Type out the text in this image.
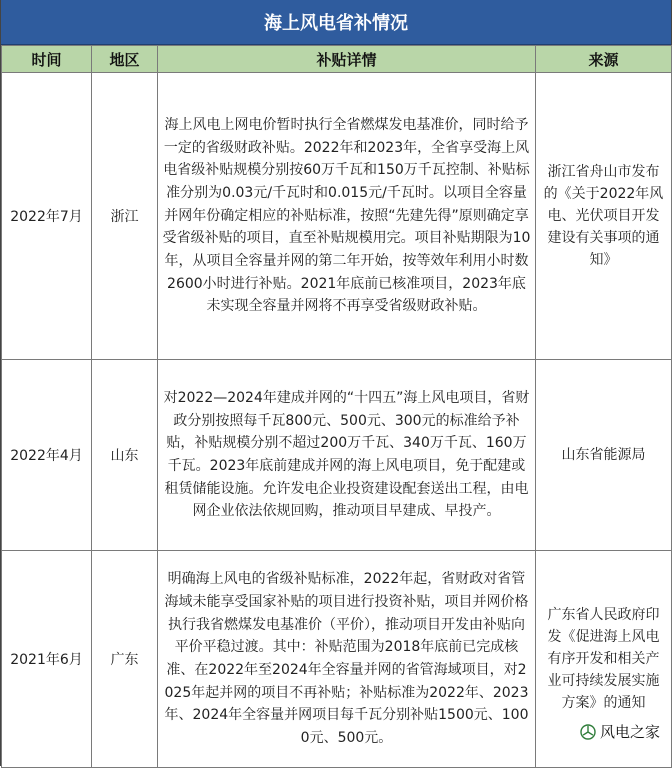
海上风电省补情况
时间	地区	补贴详情	来源
2022年7月	浙江	海上风电上网电价暂时执行全省燃煤发电基准价，同时给予一定的省级财政补贴。2022年和2023年，全省享受海上风电省级补贴规模分别按60万千瓦和150万千瓦控制、补贴标准分别为0.03元/千瓦时和0.015元/千瓦时。以项目全容量并网年份确定相应的补贴标准，按照“先建先得”原则确定享受省级补贴的项目，直至补贴规模用完。项目补贴期限为10年，从项目全容量并网的第二年开始，按等效年利用小时数2600小时进行补贴。2021年底前已核准项目，2023年底未实现全容量并网将不再享受省级财政补贴。	浙江省舟山市发布的《关于2022年风电、光伏项目开发建设有关事项的通知》
2022年4月	山东	对2022—2024年建成并网的“十四五”海上风电项目，省财政分别按照每千瓦800元、500元、300元的标准给予补贴，补贴规模分别不超过200万千瓦、340万千瓦、160万千瓦。2023年底前建成并网的海上风电项目，免于配建或租赁储能设施。允许发电企业投资建设配套送出工程，由电网企业依法依规回购，推动项目早建成、早投产。	山东省能源局
2021年6月	广东	明确海上风电的省级补贴标准，2022年起，省财政对省管海域未能享受国家补贴的项目进行投资补贴，项目并网价格执行我省燃煤发电基准价（平价），推动项目开发由补贴向平价平稳过渡。其中：补贴范围为2018年底前已完成核准、在2022年至2024年全容量并网的省管海域项目，对2025年起并网的项目不再补贴；补贴标准为2022年、2023年、2024年全容量并网项目每千瓦分别补贴1500元、1000元、500元。	广东省人民政府印发《促进海上风电有序开发和相关产业可持续发展实施方案》的通知
风电之家
